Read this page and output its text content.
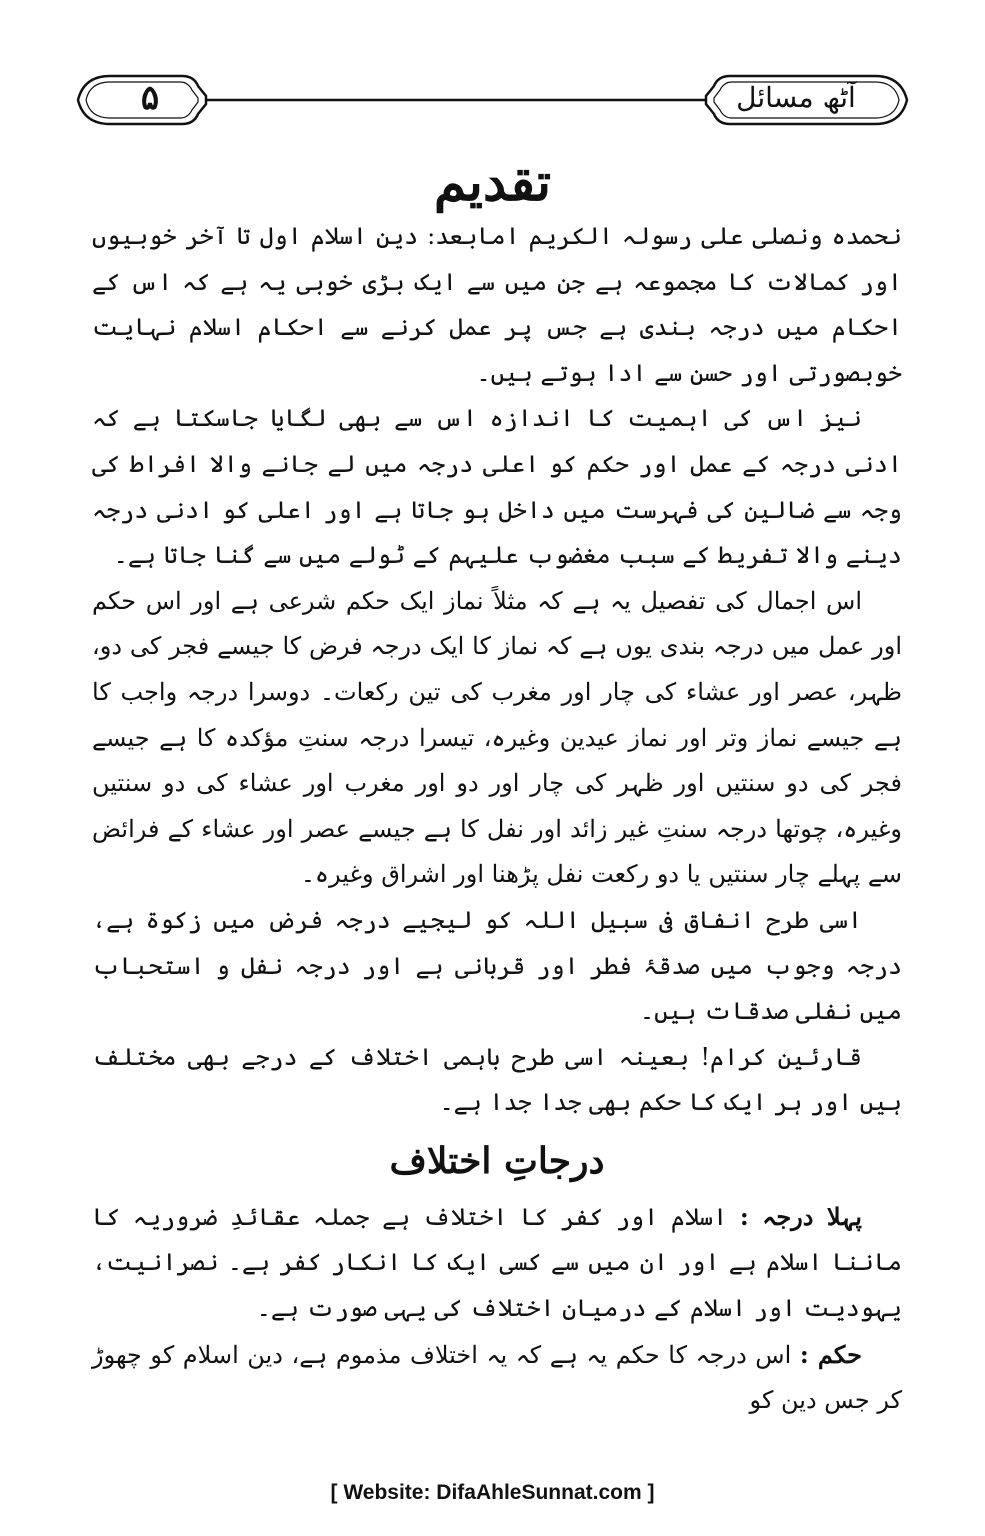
۵	آٹھ مسائل
تقدیم

نحمدہ ونصلی علی رسولہ الکریم امابعد: دین اسلام اول تا آخر خوبیوں اور کمالات کا مجموعہ ہے جن میں سے ایک بڑی خوبی یہ ہے کہ اس کے احکام میں درجہ بندی ہے جس پر عمل کرنے سے احکام اسلام نہایت خوبصورتی اور حسن سے ادا ہوتے ہیں۔

نیز اس کی اہمیت کا اندازہ اس سے بھی لگایا جاسکتا ہے کہ ادنی درجہ کے عمل اور حکم کو اعلی درجہ میں لے جانے والا افراط کی وجہ سے ضالین کی فہرست میں داخل ہو جاتا ہے اور اعلی کو ادنی درجہ دینے والا تفریط کے سبب مغضوب علیہم کے ٹولے میں سے گنا جاتا ہے۔

اس اجمال کی تفصیل یہ ہے کہ مثلاً نماز ایک حکم شرعی ہے اور اس حکم اور عمل میں درجہ بندی یوں ہے کہ نماز کا ایک درجہ فرض کا جیسے فجر کی دو، ظہر، عصر اور عشاء کی چار اور مغرب کی تین رکعات۔ دوسرا درجہ واجب کا ہے جیسے نماز وتر اور نماز عیدین وغیرہ، تیسرا درجہ سنتِ مؤکدہ کا ہے جیسے فجر کی دو سنتیں اور ظہر کی چار اور دو اور مغرب اور عشاء کی دو سنتیں وغیرہ، چوتھا درجہ سنتِ غیر زائد اور نفل کا ہے جیسے عصر اور عشاء کے فرائض سے پہلے چار سنتیں یا دو رکعت نفل پڑھنا اور اشراق وغیرہ۔

اسی طرح انفاق فی سبیل اللہ کو لیجیے درجہ فرض میں زکوۃ ہے، درجہ وجوب میں صدقۂ فطر اور قربانی ہے اور درجہ نفل و استحباب میں نفلی صدقات ہیں۔

قارئین کرام! بعینہ اسی طرح باہمی اختلاف کے درجے بھی مختلف ہیں اور ہر ایک کا حکم بھی جدا جدا ہے۔

درجاتِ اختلاف

پہلا درجہ : اسلام اور کفر کا اختلاف ہے جملہ عقائدِ ضروریہ کا ماننا اسلام ہے اور ان میں سے کسی ایک کا انکار کفر ہے۔ نصرانیت، یہودیت اور اسلام کے درمیان اختلاف کی یہی صورت ہے۔

حکم : اس درجہ کا حکم یہ ہے کہ یہ اختلاف مذموم ہے، دین اسلام کو چھوڑ کر جس دین کو

[ Website: DifaAhleSunnat.com ]
